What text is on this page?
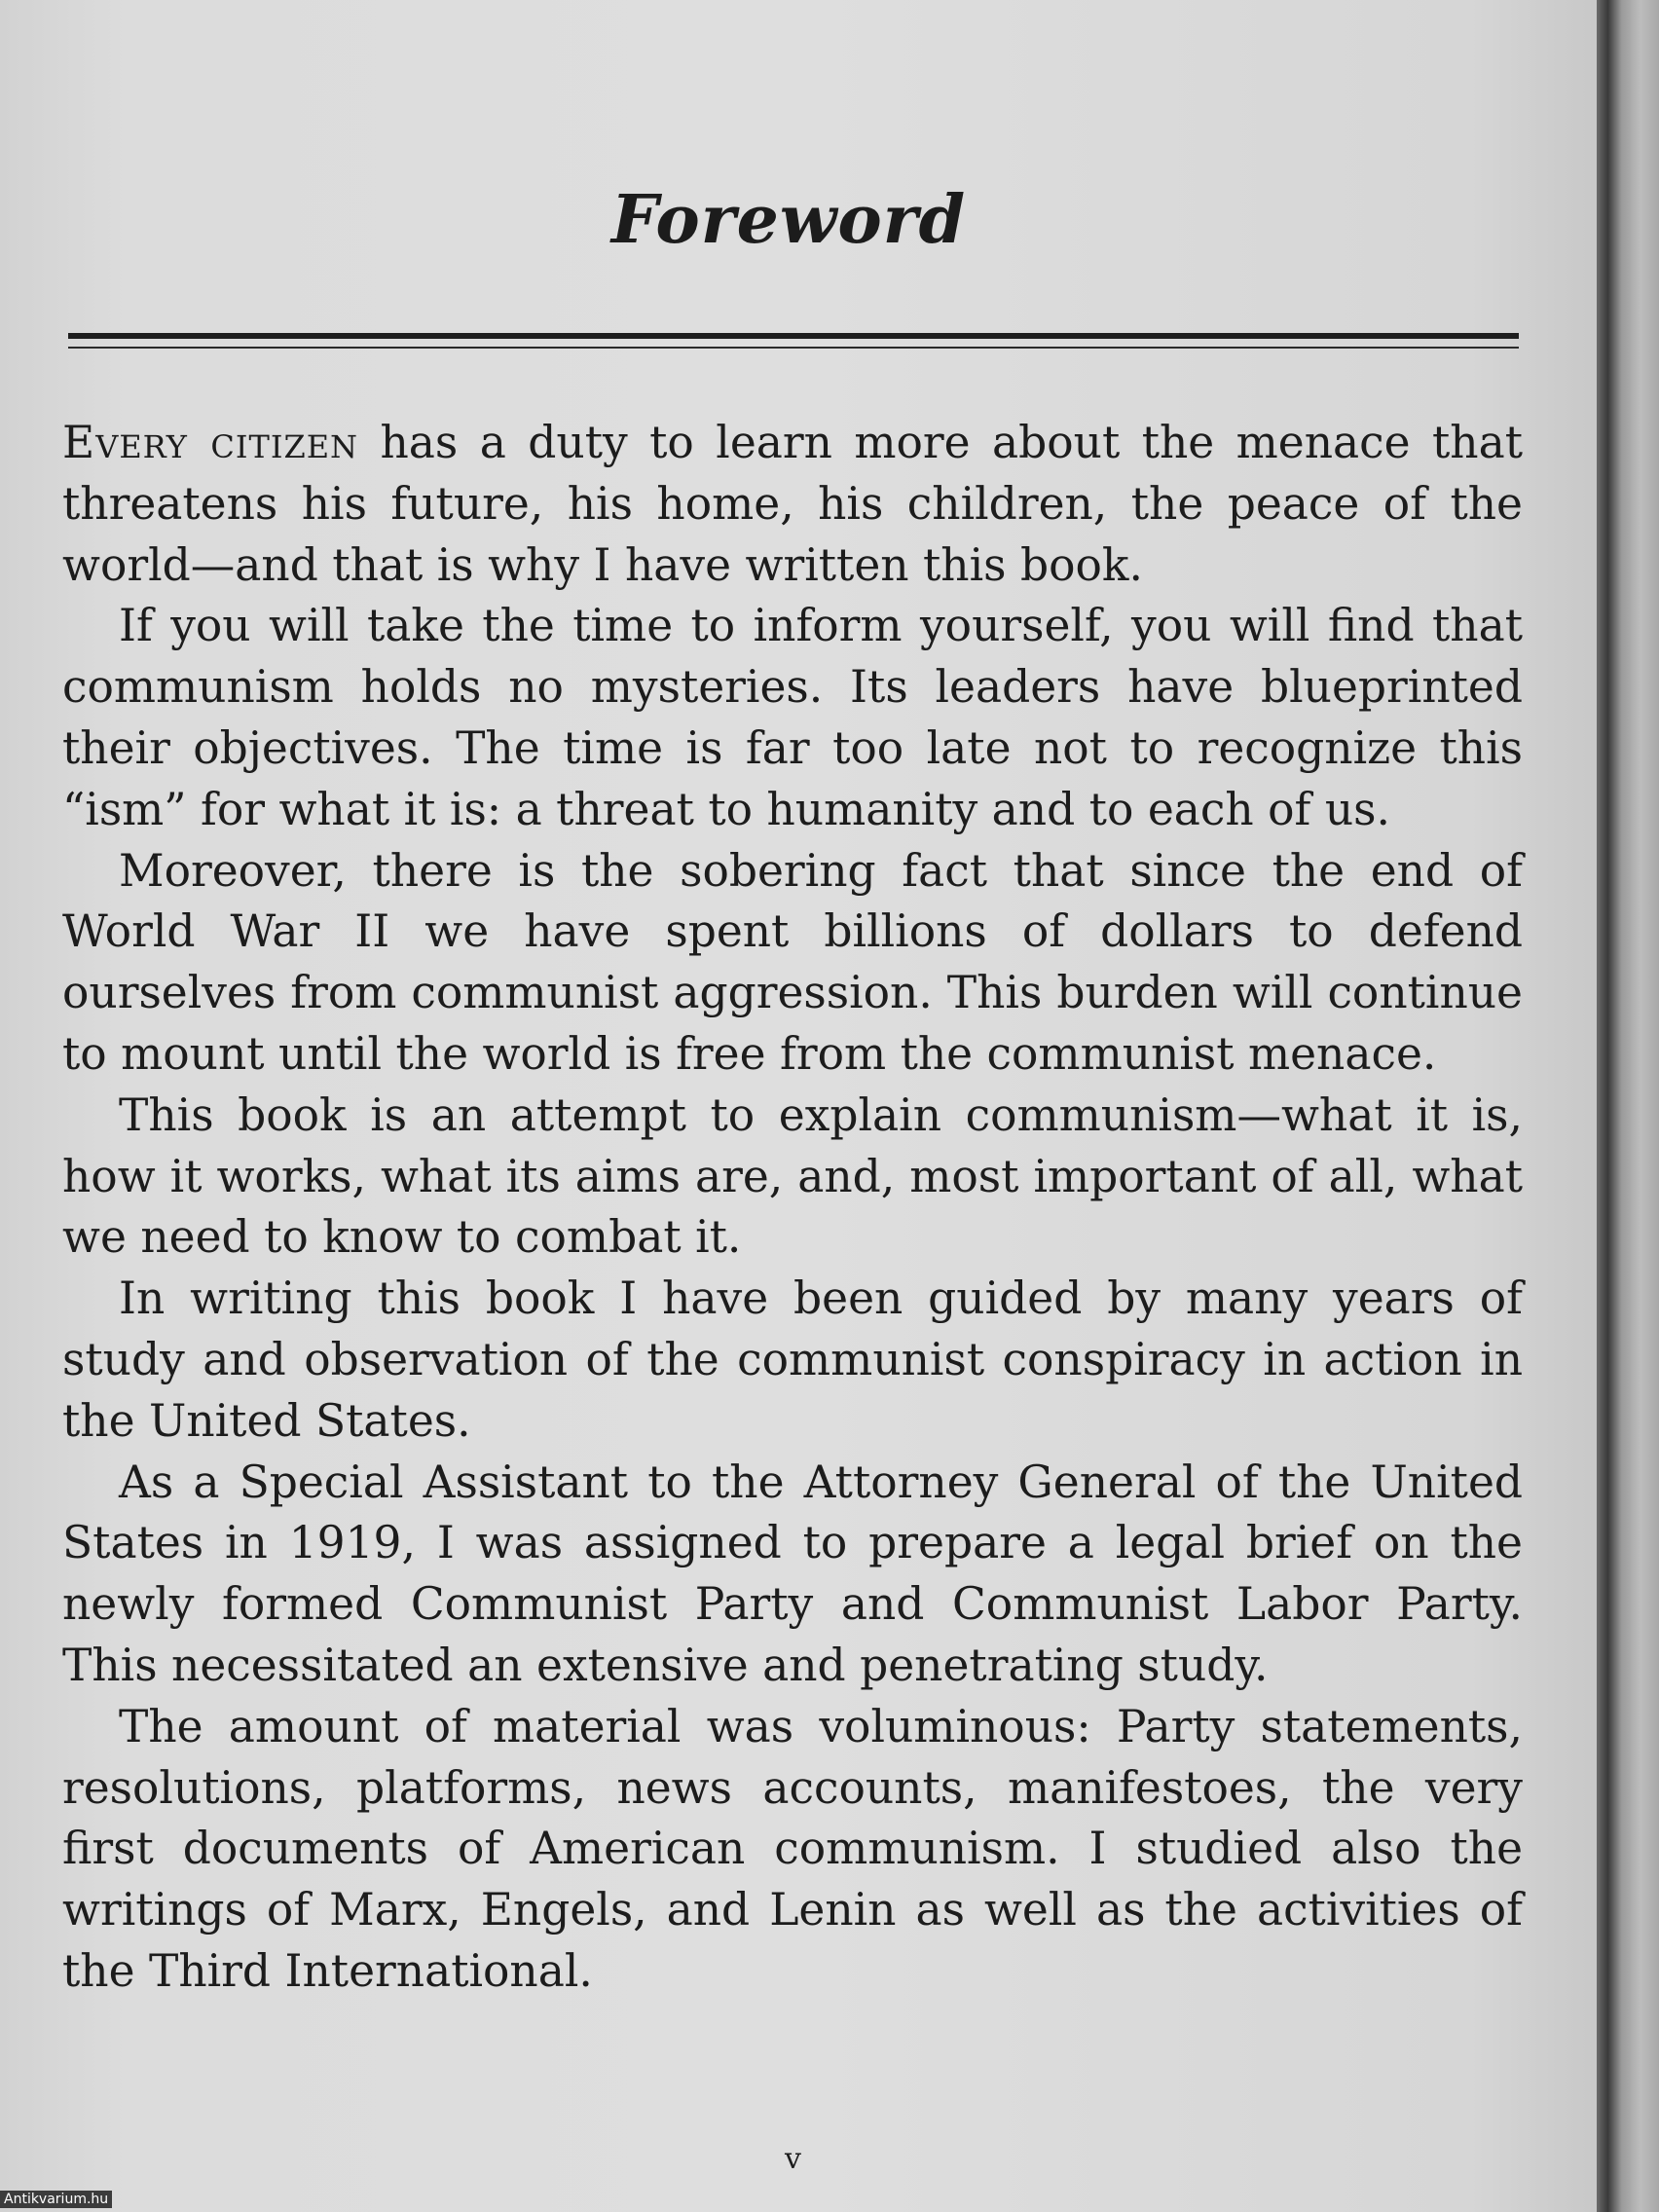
Foreword

Every citizen has a duty to learn more about the menace that threatens his future, his home, his children, the peace of the world—and that is why I have written this book.

If you will take the time to inform yourself, you will find that communism holds no mysteries. Its leaders have blueprinted their objectives. The time is far too late not to recognize this “ism” for what it is: a threat to humanity and to each of us.

Moreover, there is the sobering fact that since the end of World War II we have spent billions of dollars to defend ourselves from communist aggression. This burden will continue to mount until the world is free from the communist menace.

This book is an attempt to explain communism—what it is, how it works, what its aims are, and, most important of all, what we need to know to combat it.

In writing this book I have been guided by many years of study and observation of the communist conspiracy in action in the United States.

As a Special Assistant to the Attorney General of the United States in 1919, I was assigned to prepare a legal brief on the newly formed Communist Party and Communist Labor Party. This necessitated an extensive and penetrating study.

The amount of material was voluminous: Party statements, resolutions, platforms, news accounts, manifestoes, the very first documents of American communism. I studied also the writings of Marx, Engels, and Lenin as well as the activities of the Third International.

v
Antikvarium.hu
